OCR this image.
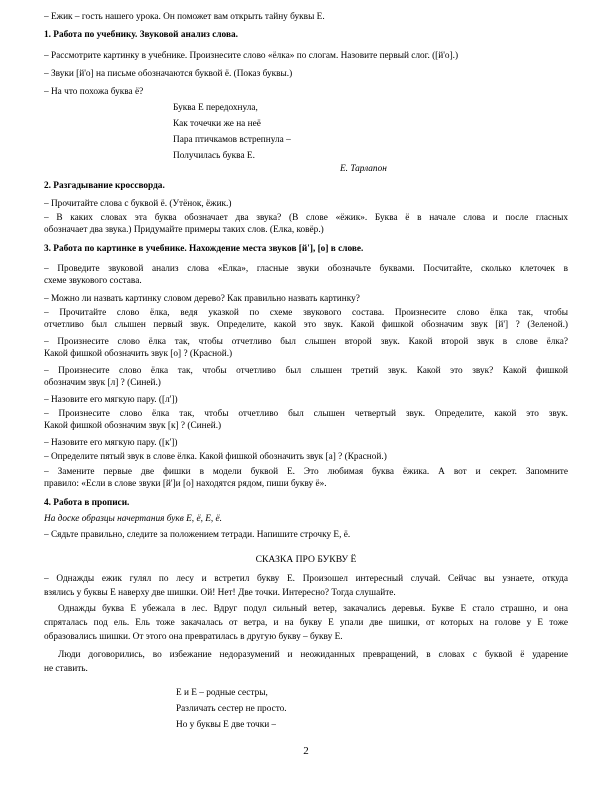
– Ёжик – гость нашего урока. Он поможет вам открыть тайну буквы Ё.
1. Работа по учебнику. Звуковой анализ слова.
– Рассмотрите картинку в учебнике. Произнесите слово «ёлка» по слогам. Назовите первый слог. ([й'о].)
– Звуки [й'о] на письме обозначаются буквой ё. (Показ буквы.)
– На что похожа буква ё?
Буква Е передохнула,
Как точечки же на неё
Пара птичкамов встрепнула –
Получилась буква Ё.
Е. Тарлапон
2. Разгадывание кроссворда.
– Прочитайте слова с буквой ё. (Утёнок, ёжик.)
– В каких словах эта буква обозначает два звука? (В слове «ёжик». Буква ё в начале слова и после гласных
обозначает два звука.) Придумайте примеры таких слов. (Ёлка, ковёр.)
3. Работа по картинке в учебнике. Нахождение места звуков [й'], [о] в слове.
– Проведите звуковой анализ слова «Ёлка», гласные звуки обозначьте буквами. Посчитайте, сколько клеточек в
схеме звукового состава.
– Можно ли назвать картинку словом дерево? Как правильно назвать картинку?
– Прочитайте слово ёлка, ведя указкой по схеме звукового состава. Произнесите слово ёлка так, чтобы
отчетливо был слышен первый звук. Определите, какой это звук. Какой фишкой обозначим звук [й'] ? (Зеленой.)
– Произнесите слово ёлка так, чтобы отчетливо был слышен второй звук. Какой второй звук в слове ёлка?
Какой фишкой обозначить звук [о] ? (Красной.)
– Произнесите слово ёлка так, чтобы отчетливо был слышен третий звук. Какой это звук? Какой фишкой
обозначим звук [л] ? (Синей.)
– Назовите его мягкую пару. ([л'])
– Произнесите слово ёлка так, чтобы отчетливо был слышен четвертый звук. Определите, какой это звук.
Какой фишкой обозначим звук [к] ? (Синей.)
– Назовите его мягкую пару. ([к'])
– Определите пятый звук в слове ёлка. Какой фишкой обозначить звук [а] ? (Красной.)
– Замените первые две фишки в модели буквой Ё. Это любимая буква ёжика. А вот и секрет. Запомните
правило: «Если в слове звуки [й']и [о] находятся рядом, пиши букву ё».
4. Работа в прописи.
На доске образцы начертания букв Ё, ё, Ё, ё.
– Сядьте правильно, следите за положением тетради. Напишите строчку Ё, ё.
СКАЗКА ПРО БУКВУ Ё
– Однажды ежик гулял по лесу и встретил букву Ё. Произошел интересный случай. Сейчас вы узнаете, откуда
взялись у буквы Ё наверху две шишки. Ой! Нет! Две точки. Интересно? Тогда слушайте.
Однажды буква Е убежала в лес. Вдруг подул сильный ветер, закачались деревья. Букве Е стало страшно, и она
спряталась под ель. Ель тоже закачалась от ветра, и на букву Е упали две шишки, от которых на голове у Е тоже
образовались шишки. От этого она превратилась в другую букву – букву Ё.
Люди договорились, во избежание недоразумений и неожиданных превращений, в словах с буквой ё ударение
не ставить.
Е и Ё – родные сестры,
Различать сестер не просто.
Но у буквы Ё две точки –
2
